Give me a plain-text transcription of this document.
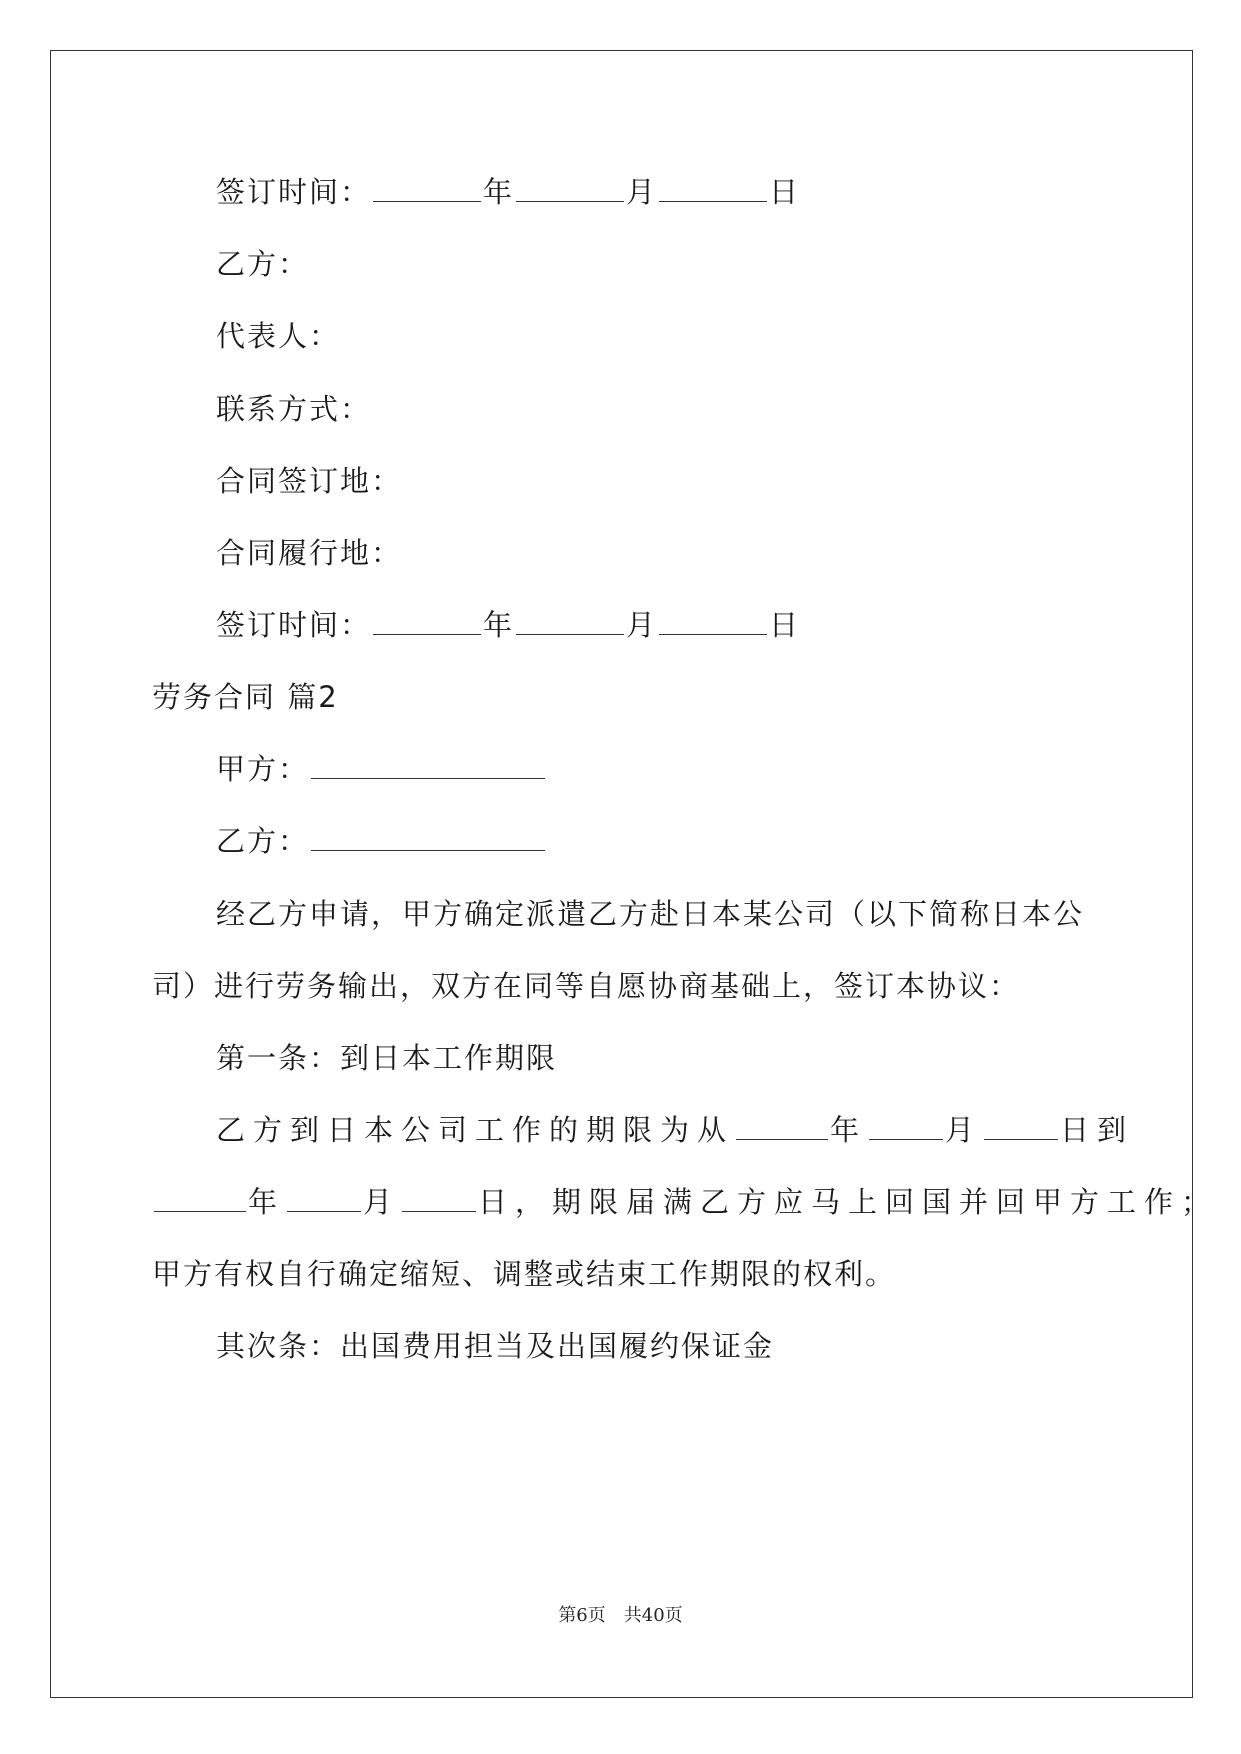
签订时间：	年	月	日
乙方：
代表人：
联系方式：
合同签订地：
合同履行地：
签订时间：	年	月	日
劳务合同 篇2
甲方：
乙方：
经乙方申请，甲方确定派遣乙方赴日本某公司（以下简称日本公
司）进行劳务输出，双方在同等自愿协商基础上，签订本协议：
第一条：到日本工作期限
乙方到日本公司工作的期限为从	年	月	日到
年	月	日，期限届满乙方应马上回国并回甲方工作；
甲方有权自行确定缩短、调整或结束工作期限的权利。
其次条：出国费用担当及出国履约保证金
第6页　共40页
